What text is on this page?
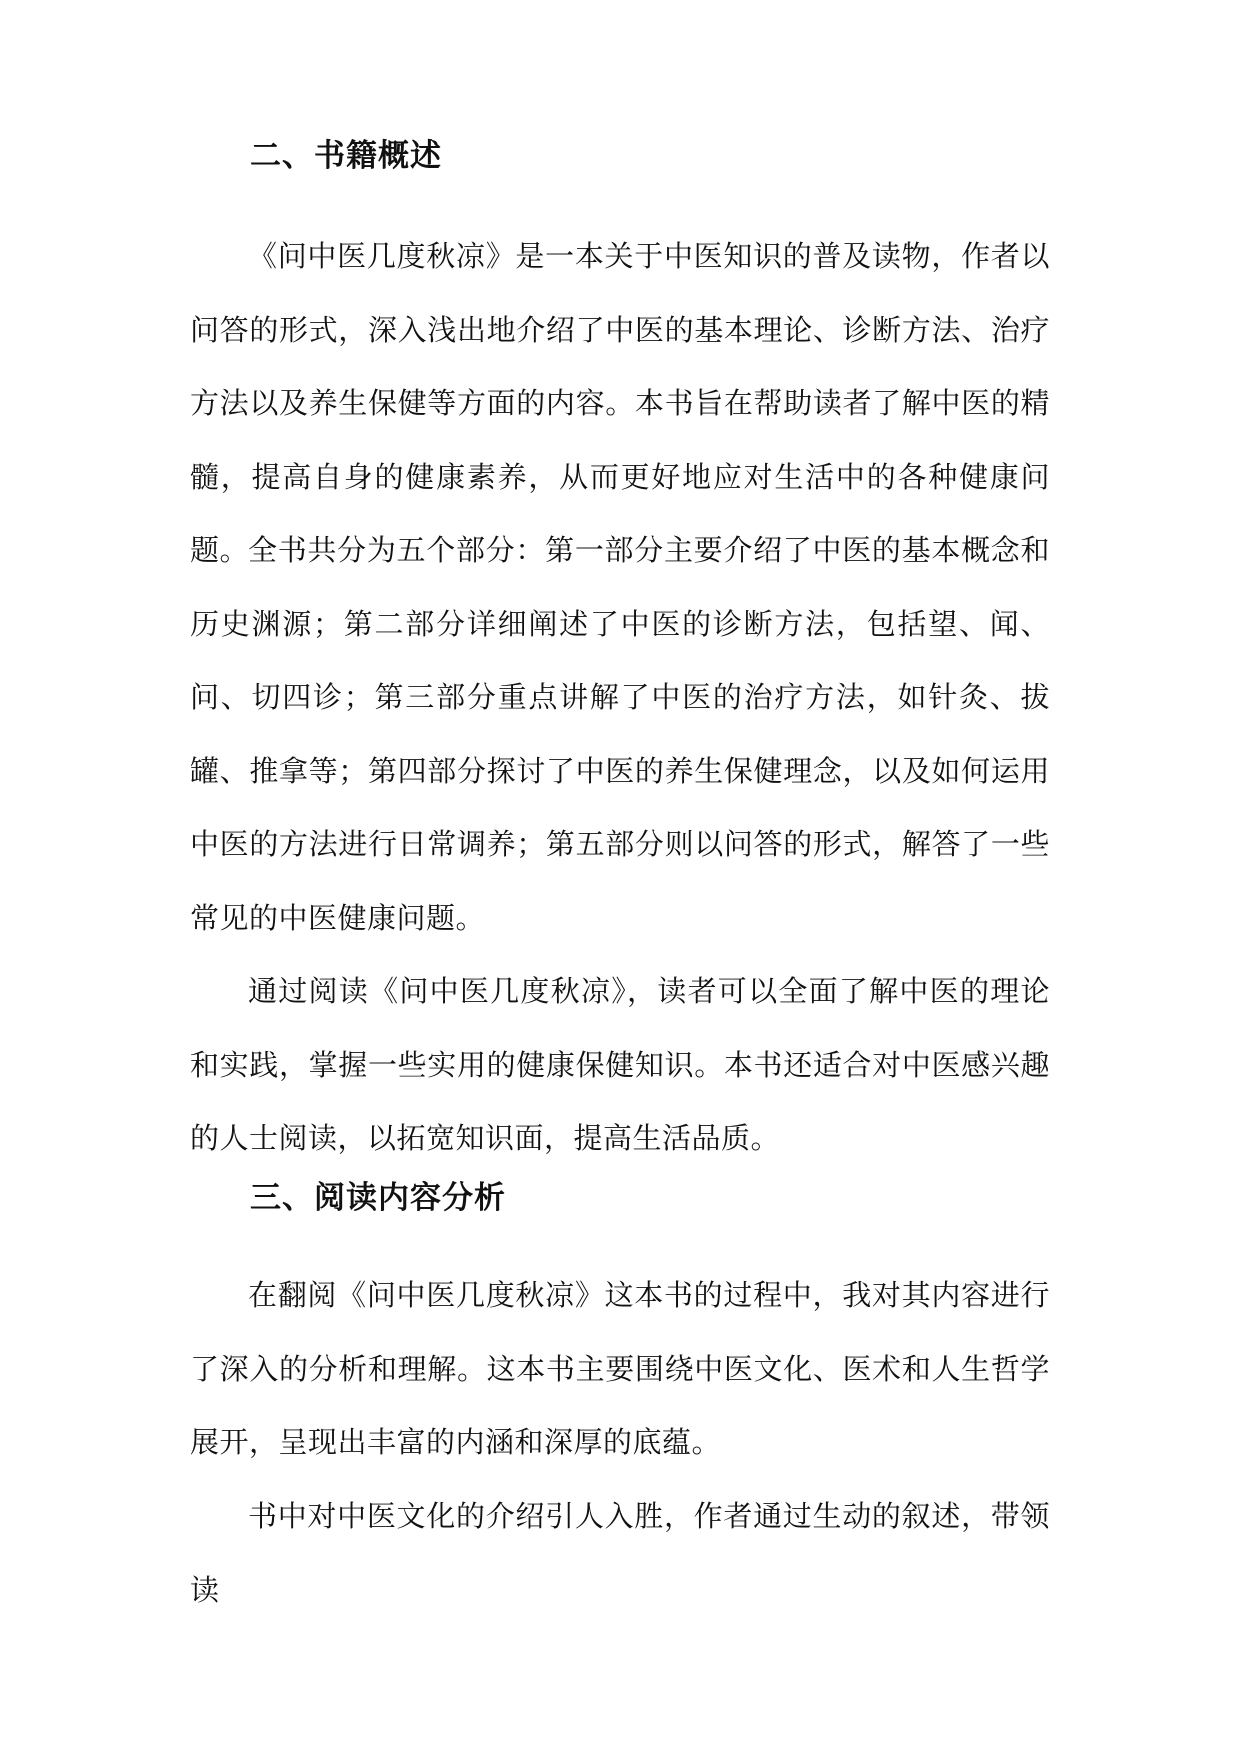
二、书籍概述

《问中医几度秋凉》是一本关于中医知识的普及读物，作者以问答的形式，深入浅出地介绍了中医的基本理论、诊断方法、治疗方法以及养生保健等方面的内容。本书旨在帮助读者了解中医的精髓，提高自身的健康素养，从而更好地应对生活中的各种健康问题。

全书共分为五个部分：第一部分主要介绍了中医的基本概念和历史渊源；第二部分详细阐述了中医的诊断方法，包括望、闻、问、切四诊；第三部分重点讲解了中医的治疗方法，如针灸、拔罐、推拿等；第四部分探讨了中医的养生保健理念，以及如何运用中医的方法进行日常调养；第五部分则以问答的形式，解答了一些常见的中医健康问题。

通过阅读《问中医几度秋凉》，读者可以全面了解中医的理论和实践，掌握一些实用的健康保健知识。本书还适合对中医感兴趣的人士阅读，以拓宽知识面，提高生活品质。

三、阅读内容分析

在翻阅《问中医几度秋凉》这本书的过程中，我对其内容进行了深入的分析和理解。这本书主要围绕中医文化、医术和人生哲学展开，呈现出丰富的内涵和深厚的底蕴。

书中对中医文化的介绍引人入胜，作者通过生动的叙述，带领读
